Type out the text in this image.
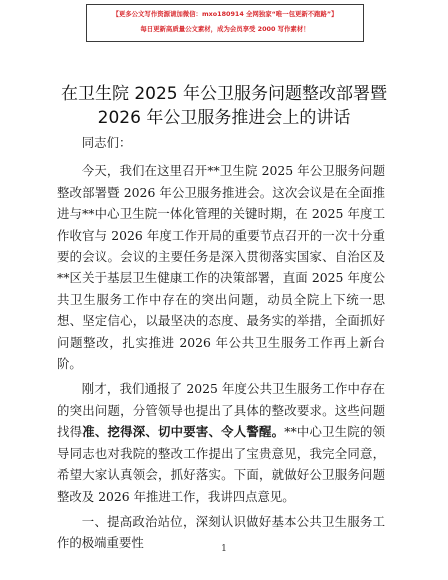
【更多公文写作资源请加微信：mxo180914 全网独家“唯一包更新不跑路”】
每日更新高质量公文素材，成为会员享受 2000 写作素材！
在卫生院 2025 年公卫服务问题整改部署暨
2026 年公卫服务推进会上的讲话

同志们：

今天，我们在这里召开**卫生院 2025 年公卫服务问题整改部署暨 2026 年公卫服务推进会。这次会议是在全面推进与**中心卫生院一体化管理的关键时期，在 2025 年度工作收官与 2026 年度工作开局的重要节点召开的一次十分重要的会议。会议的主要任务是深入贯彻落实国家、自治区及**区关于基层卫生健康工作的决策部署，直面 2025 年度公共卫生服务工作中存在的突出问题，动员全院上下统一思想、坚定信心，以最坚决的态度、最务实的举措，全面抓好问题整改，扎实推进 2026 年公共卫生服务工作再上新台阶。

刚才，我们通报了 2025 年度公共卫生服务工作中存在的突出问题，分管领导也提出了具体的整改要求。这些问题找得准、挖得深、切中要害、令人警醒。**中心卫生院的领导同志也对我院的整改工作提出了宝贵意见，我完全同意，希望大家认真领会，抓好落实。下面，就做好公卫服务问题整改及 2026 年推进工作，我讲四点意见。

一、提高政治站位，深刻认识做好基本公共卫生服务工作的极端重要性	1
